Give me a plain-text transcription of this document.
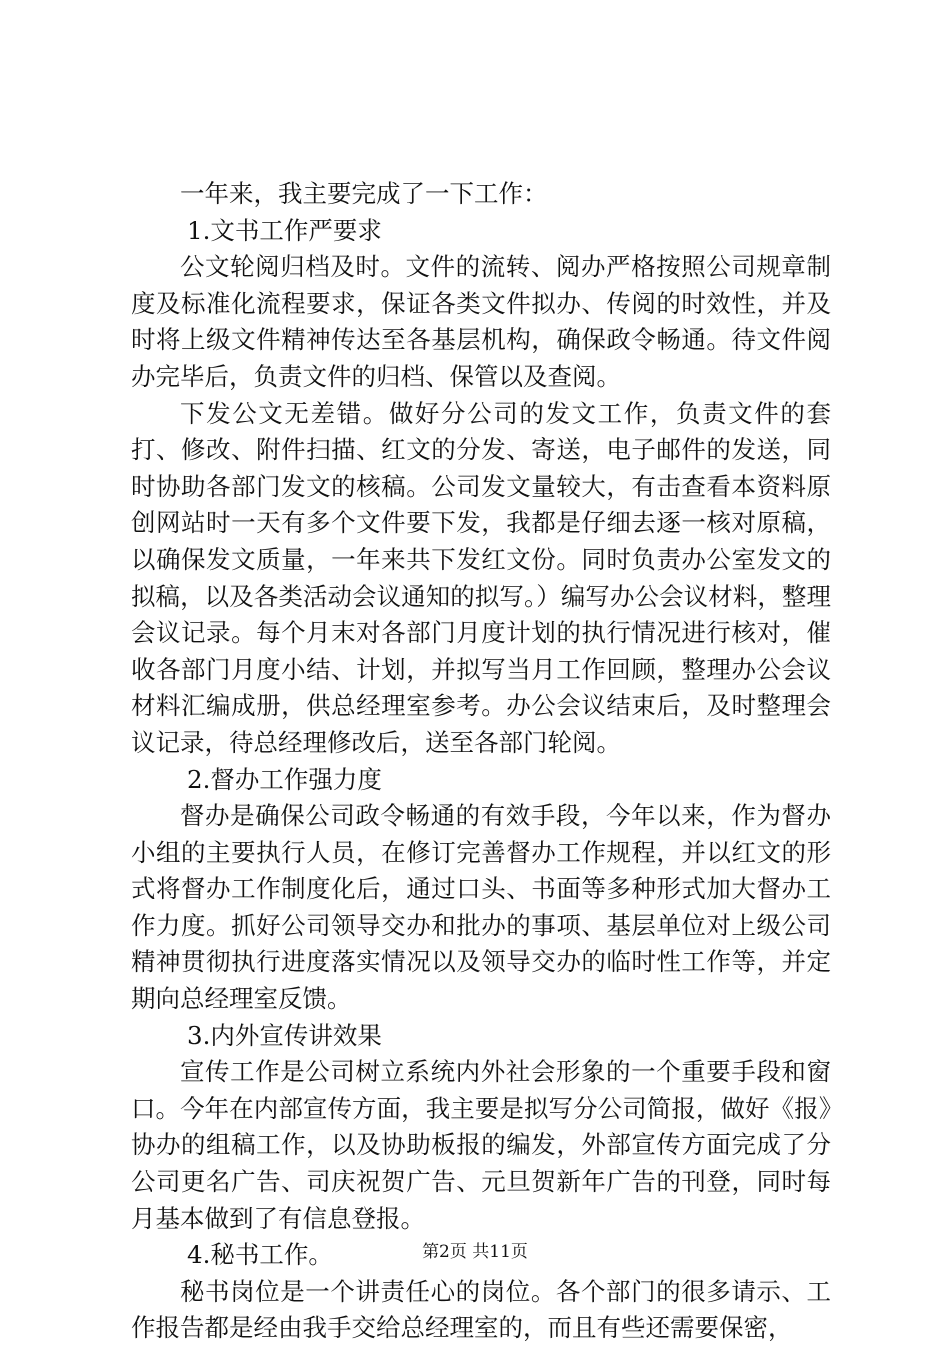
一年来，我主要完成了一下工作：

1.文书工作严要求

公文轮阅归档及时。文件的流转、阅办严格按照公司规章制度及标准化流程要求，保证各类文件拟办、传阅的时效性，并及时将上级文件精神传达至各基层机构，确保政令畅通。待文件阅办完毕后，负责文件的归档、保管以及查阅。

下发公文无差错。做好分公司的发文工作，负责文件的套打、修改、附件扫描、红文的分发、寄送，电子邮件的发送，同时协助各部门发文的核稿。公司发文量较大，有击查看本资料原创网站时一天有多个文件要下发，我都是仔细去逐一核对原稿，以确保发文质量，一年来共下发红文份。同时负责办公室发文的拟稿，以及各类活动会议通知的拟写。）编写办公会议材料，整理会议记录。每个月末对各部门月度计划的执行情况进行核对，催收各部门月度小结、计划，并拟写当月工作回顾，整理办公会议材料汇编成册，供总经理室参考。办公会议结束后，及时整理会议记录，待总经理修改后，送至各部门轮阅。

2.督办工作强力度

督办是确保公司政令畅通的有效手段，今年以来，作为督办小组的主要执行人员，在修订完善督办工作规程，并以红文的形式将督办工作制度化后，通过口头、书面等多种形式加大督办工作力度。抓好公司领导交办和批办的事项、基层单位对上级公司精神贯彻执行进度落实情况以及领导交办的临时性工作等，并定期向总经理室反馈。

3.内外宣传讲效果

宣传工作是公司树立系统内外社会形象的一个重要手段和窗口。今年在内部宣传方面，我主要是拟写分公司简报，做好《报》协办的组稿工作，以及协助板报的编发，外部宣传方面完成了分公司更名广告、司庆祝贺广告、元旦贺新年广告的刊登，同时每月基本做到了有信息登报。

4.秘书工作。

秘书岗位是一个讲责任心的岗位。各个部门的很多请示、工作报告都是经由我手交给总经理室的，而且有些还需要保密，

第2页 共11页
